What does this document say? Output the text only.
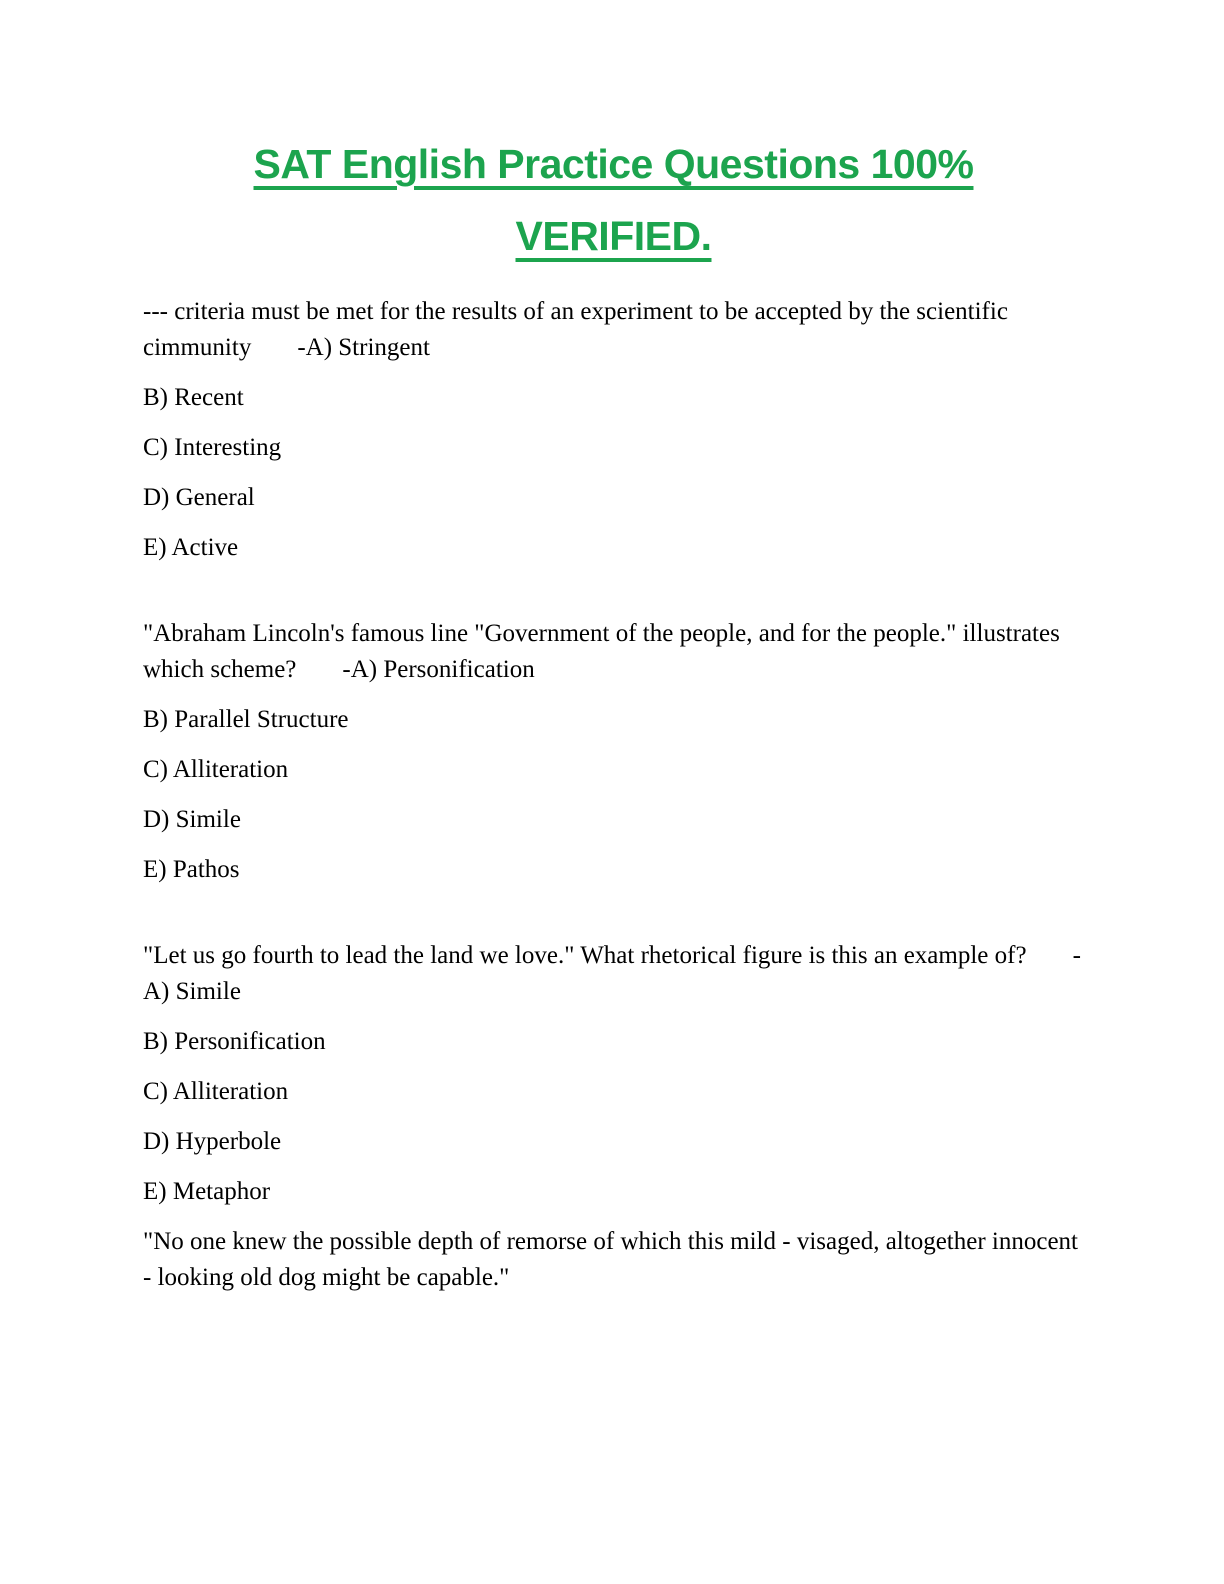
SAT English Practice Questions 100%
VERIFIED.

--- criteria must be met for the results of an experiment to be accepted by the scientific cimmunity -A) Stringent

B) Recent

C) Interesting

D) General

E) Active

"Abraham Lincoln's famous line "Government of the people, and for the people." illustrates which scheme? -A) Personification

B) Parallel Structure

C) Alliteration

D) Simile

E) Pathos

"Let us go fourth to lead the land we love." What rhetorical figure is this an example of? -A) Simile

B) Personification

C) Alliteration

D) Hyperbole

E) Metaphor

"No one knew the possible depth of remorse of which this mild - visaged, altogether innocent - looking old dog might be capable."
